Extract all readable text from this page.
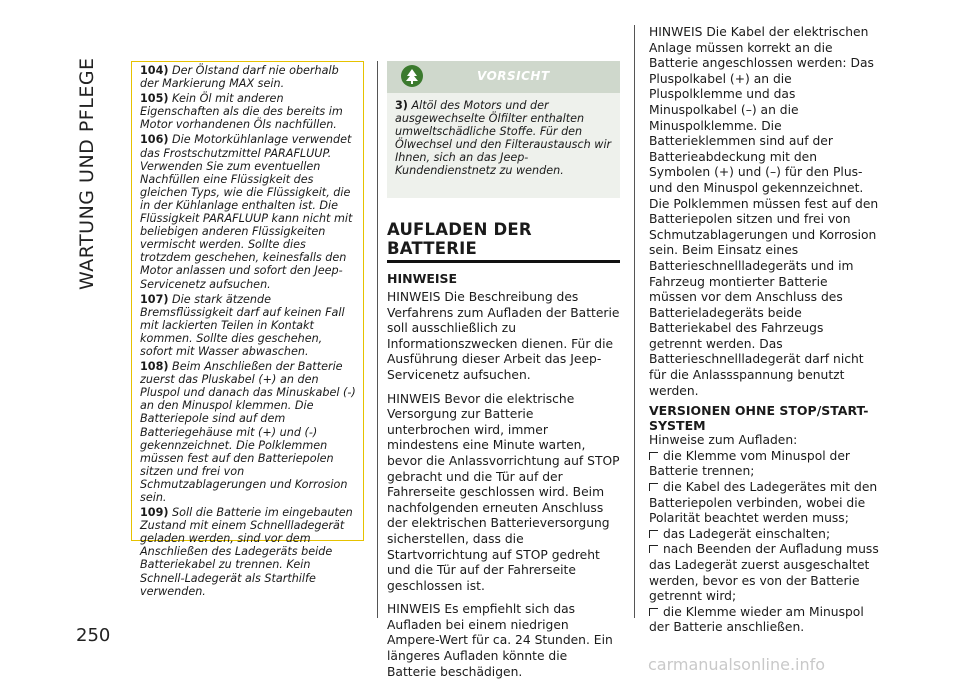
WARTUNG UND PFLEGE
250

104) Der Ölstand darf nie oberhalb der Markierung MAX sein.

105) Kein Öl mit anderen Eigenschaften als die des bereits im Motor vorhandenen Öls nachfüllen.

106) Die Motorkühlanlage verwendet das Frostschutzmittel PARAFLUUP. Verwenden Sie zum eventuellen Nachfüllen eine Flüssigkeit des gleichen Typs, wie die Flüssigkeit, die in der Kühlanlage enthalten ist. Die Flüssigkeit PARAFLUUP kann nicht mit beliebigen anderen Flüssigkeiten vermischt werden. Sollte dies trotzdem geschehen, keinesfalls den Motor anlassen und sofort den Jeep-Servicenetz aufsuchen.

107) Die stark ätzende Bremsflüssigkeit darf auf keinen Fall mit lackierten Teilen in Kontakt kommen. Sollte dies geschehen, sofort mit Wasser abwaschen.

108) Beim Anschließen der Batterie zuerst das Pluskabel (+) an den Pluspol und danach das Minuskabel (-) an den Minuspol klemmen. Die Batteriepole sind auf dem Batteriegehäuse mit (+) und (-) gekennzeichnet. Die Polklemmen müssen fest auf den Batteriepolen sitzen und frei von Schmutzablagerungen und Korrosion sein.

109) Soll die Batterie im eingebauten Zustand mit einem Schnellladegerät geladen werden, sind vor dem Anschließen des Ladegeräts beide Batteriekabel zu trennen. Kein Schnell-Ladegerät als Starthilfe verwenden.

VORSICHT
3) Altöl des Motors und der ausgewechselte Ölfilter enthalten umweltschädliche Stoffe. Für den Ölwechsel und den Filteraustausch wir Ihnen, sich an das Jeep-Kundendienstnetz zu wenden.
AUFLADEN DER BATTERIE
HINWEISE

HINWEIS Die Beschreibung des Verfahrens zum Aufladen der Batterie soll ausschließlich zu Informationszwecken dienen. Für die Ausführung dieser Arbeit das Jeep-Servicenetz aufsuchen.

HINWEIS Bevor die elektrische Versorgung zur Batterie unterbrochen wird, immer mindestens eine Minute warten, bevor die Anlassvorrichtung auf STOP gebracht und die Tür auf der Fahrerseite geschlossen wird. Beim nachfolgenden erneuten Anschluss der elektrischen Batterieversorgung sicherstellen, dass die Startvorrichtung auf STOP gedreht und die Tür auf der Fahrerseite geschlossen ist.

HINWEIS Es empfiehlt sich das Aufladen bei einem niedrigen Ampere-Wert für ca. 24 Stunden. Ein längeres Aufladen könnte die Batterie beschädigen.

HINWEIS Die Kabel der elektrischen Anlage müssen korrekt an die Batterie angeschlossen werden: Das Pluspolkabel (+) an die Pluspolklemme und das Minuspolkabel (–) an die Minuspolklemme. Die Batterieklemmen sind auf der Batterieabdeckung mit den Symbolen (+) und (–) für den Plus- und den Minuspol gekennzeichnet. Die Polklemmen müssen fest auf den Batteriepolen sitzen und frei von Schmutzablagerungen und Korrosion sein. Beim Einsatz eines Batterieschnellladegeräts und im Fahrzeug montierter Batterie müssen vor dem Anschluss des Batterieladegeräts beide Batteriekabel des Fahrzeugs getrennt werden. Das Batterieschnellladegerät darf nicht für die Anlassspannung benutzt werden.

VERSIONEN OHNE STOP/START-SYSTEM
Hinweise zum Aufladen:
die Klemme vom Minuspol der Batterie trennen;
die Kabel des Ladegerätes mit den Batteriepolen verbinden, wobei die Polarität beachtet werden muss;
das Ladegerät einschalten;
nach Beenden der Aufladung muss das Ladegerät zuerst ausgeschaltet werden, bevor es von der Batterie getrennt wird;
die Klemme wieder am Minuspol der Batterie anschließen.
carmanualsonline.info
